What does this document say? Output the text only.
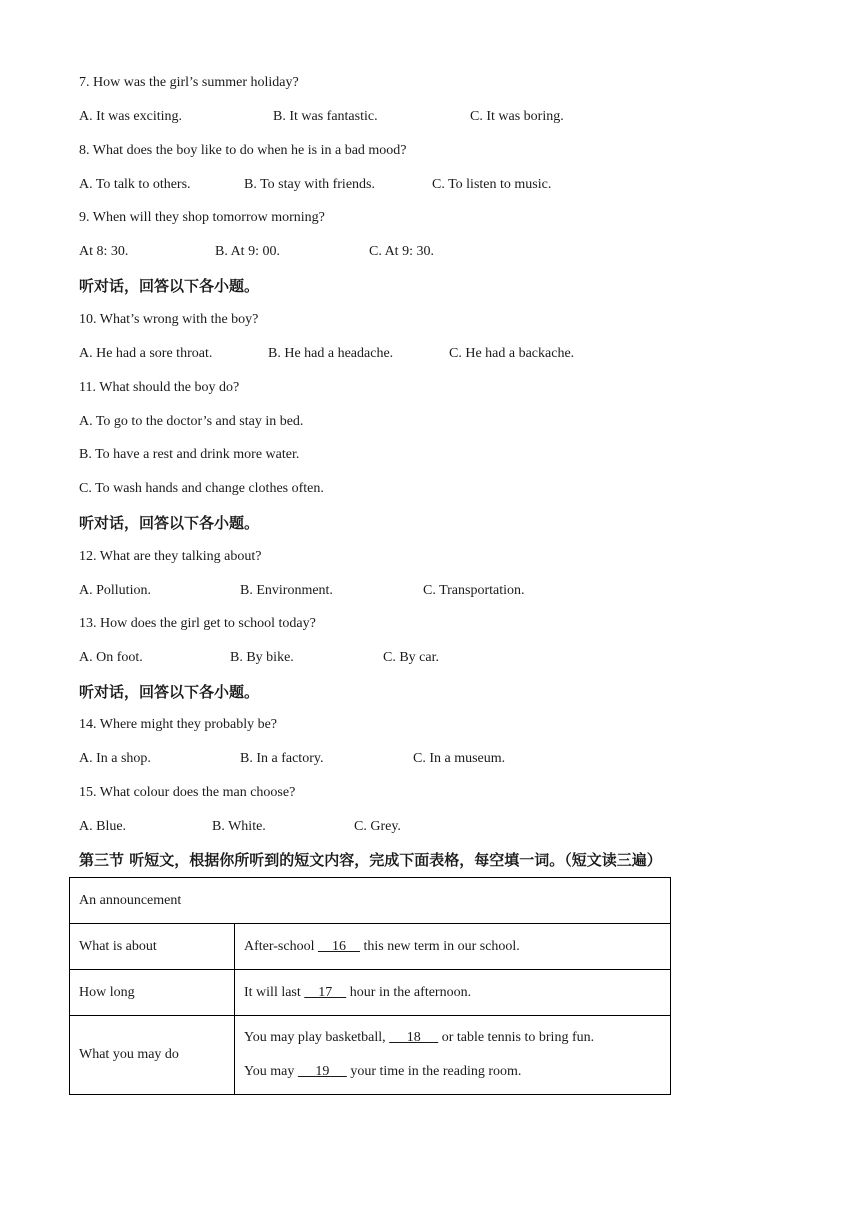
7. How was the girl’s summer holiday?
A. It was exciting.	B. It was fantastic.	C. It was boring.
8. What does the boy like to do when he is in a bad mood?
A. To talk to others.	B. To stay with friends.	C. To listen to music.
9. When will they shop tomorrow morning?
At 8: 30.	B. At 9: 00.	C. At 9: 30.
听对话，回答以下各小题。
10. What’s wrong with the boy?
A. He had a sore throat.	B. He had a headache.	C. He had a backache.
11. What should the boy do?
A. To go to the doctor’s and stay in bed.
B. To have a rest and drink more water.
C. To wash hands and change clothes often.
听对话，回答以下各小题。
12. What are they talking about?
A. Pollution.	B. Environment.	C. Transportation.
13. How does the girl get to school today?
A. On foot.	B. By bike.	C. By car.
听对话，回答以下各小题。
14. Where might they probably be?
A. In a shop.	B. In a factory.	C. In a museum.
15. What colour does the man choose?
A. Blue.	B. White.	C. Grey.
第三节 听短文，根据你所听到的短文内容，完成下面表格，每空填一词。（短文读三遍）
An announcement	
What is about	After-school     16     this new term in our school.
How long	It will last     17     hour in the afternoon.
What you may do	You may play basketball,      18      or table tennis to bring fun.
You may      19      your time in the reading room.
